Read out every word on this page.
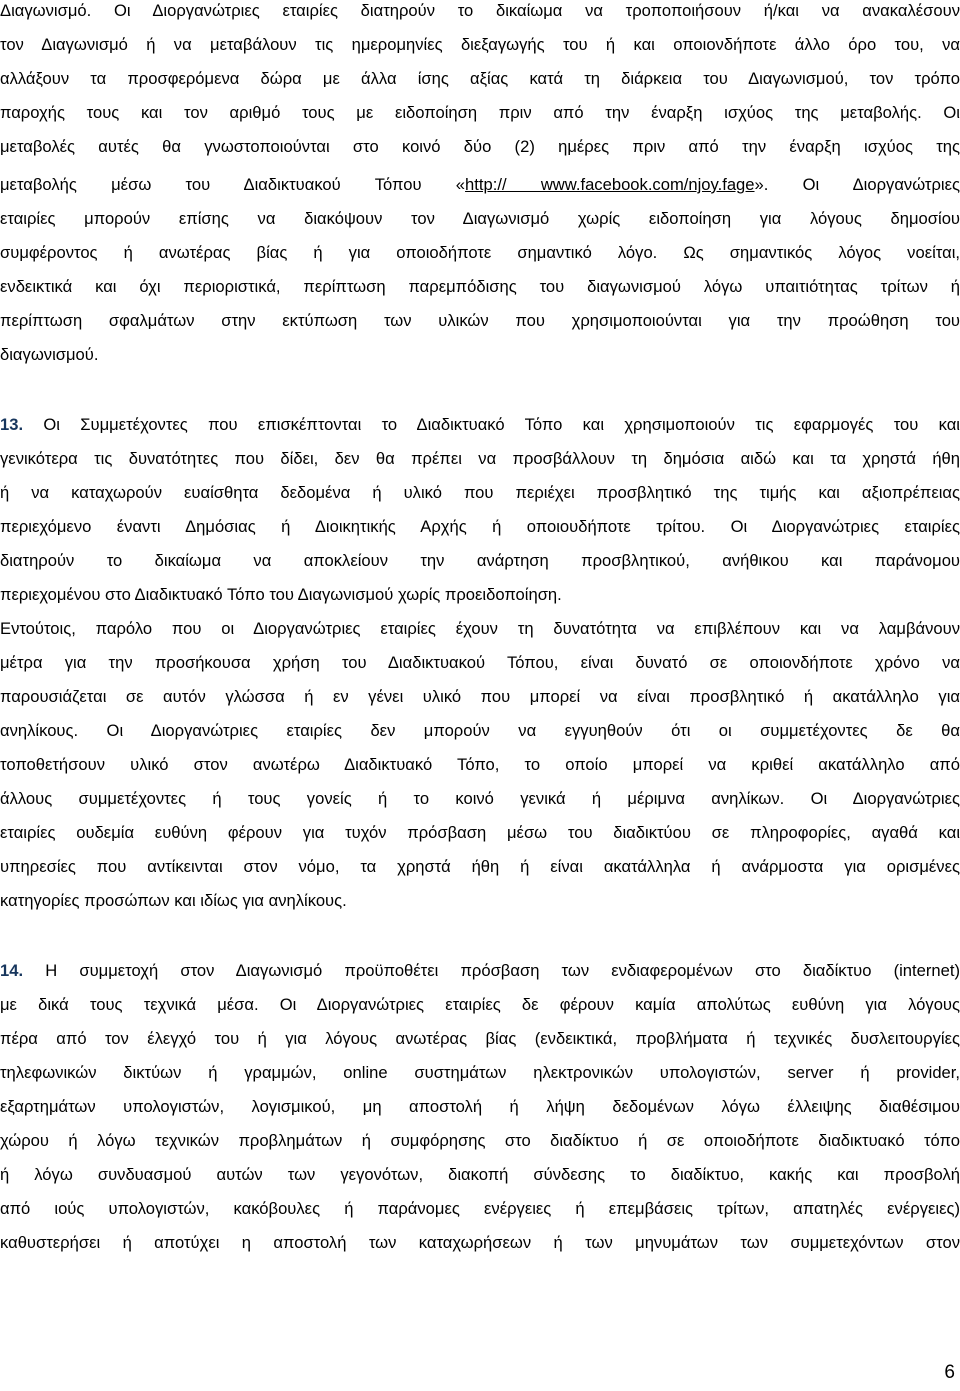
Διαγωνισμό. Οι Διοργανώτριες εταιρίες διατηρούν το δικαίωμα να τροποποιήσουν ή/και να ανακαλέσουν
τον Διαγωνισμό ή να μεταβάλουν τις ημερομηνίες διεξαγωγής του ή και οποιονδήποτε άλλο όρο του, να
αλλάξουν τα προσφερόμενα δώρα με άλλα ίσης αξίας κατά τη διάρκεια του Διαγωνισμού, τον τρόπο
παροχής τους και τον αριθμό τους με ειδοποίηση πριν από την έναρξη ισχύος της μεταβολής. Οι
μεταβολές αυτές θα γνωστοποιούνται στο κοινό δύο (2) ημέρες πριν από την έναρξη ισχύος της
μεταβολής μέσω του Διαδικτυακού Τόπου «http:// www.facebook.com/njoy.fage». Οι Διοργανώτριες
εταιρίες μπορούν επίσης να διακόψουν τον Διαγωνισμό χωρίς ειδοποίηση για λόγους δημοσίου
συμφέροντος ή ανωτέρας βίας ή για οποιοδήποτε σημαντικό λόγο. Ως σημαντικός λόγος νοείται,
ενδεικτικά και όχι περιοριστικά, περίπτωση παρεμπόδισης του διαγωνισμού λόγω υπαιτιότητας τρίτων ή
περίπτωση σφαλμάτων στην εκτύπωση των υλικών που χρησιμοποιούνται για την προώθηση του
διαγωνισμού.
13. Οι Συμμετέχοντες που επισκέπτονται το Διαδικτυακό Τόπο και χρησιμοποιούν τις εφαρμογές του και
γενικότερα τις δυνατότητες που δίδει, δεν θα πρέπει να προσβάλλουν τη δημόσια αιδώ και τα χρηστά ήθη
ή να καταχωρούν ευαίσθητα δεδομένα ή υλικό που περιέχει προσβλητικό της τιμής και αξιοπρέπειας
περιεχόμενο έναντι Δημόσιας ή Διοικητικής Αρχής ή οποιουδήποτε τρίτου. Οι Διοργανώτριες εταιρίες
διατηρούν το δικαίωμα να αποκλείουν την ανάρτηση προσβλητικού, ανήθικου και παράνομου
περιεχομένου στο Διαδικτυακό Τόπο του Διαγωνισμού χωρίς προειδοποίηση.
Εντούτοις, παρόλο που οι Διοργανώτριες εταιρίες έχουν τη δυνατότητα να επιβλέπουν και να λαμβάνουν
μέτρα για την προσήκουσα χρήση του Διαδικτυακού Τόπου, είναι δυνατό σε οποιονδήποτε χρόνο να
παρουσιάζεται σε αυτόν γλώσσα ή εν γένει υλικό που μπορεί να είναι προσβλητικό ή ακατάλληλο για
ανηλίκους. Οι Διοργανώτριες εταιρίες δεν μπορούν να εγγυηθούν ότι οι συμμετέχοντες δε θα
τοποθετήσουν υλικό στον ανωτέρω Διαδικτυακό Τόπο, το οποίο μπορεί να κριθεί ακατάλληλο από
άλλους συμμετέχοντες ή τους γονείς ή το κοινό γενικά ή μέριμνα ανηλίκων. Οι Διοργανώτριες
εταιρίες ουδεμία ευθύνη φέρουν για τυχόν πρόσβαση μέσω του διαδικτύου σε πληροφορίες, αγαθά και
υπηρεσίες που αντίκεινται στον νόμο, τα χρηστά ήθη ή είναι ακατάλληλα ή ανάρμοστα για ορισμένες
κατηγορίες προσώπων και ιδίως για ανηλίκους.
14. Η συμμετοχή στον Διαγωνισμό προϋποθέτει πρόσβαση των ενδιαφερομένων στο διαδίκτυο (internet)
με δικά τους τεχνικά μέσα. Οι Διοργανώτριες εταιρίες δε φέρουν καμία απολύτως ευθύνη για λόγους
πέρα από τον έλεγχό του ή για λόγους ανωτέρας βίας (ενδεικτικά, προβλήματα ή τεχνικές δυσλειτουργίες
τηλεφωνικών δικτύων ή γραμμών, online συστημάτων ηλεκτρονικών υπολογιστών, server ή provider,
εξαρτημάτων υπολογιστών, λογισμικού, μη αποστολή ή λήψη δεδομένων λόγω έλλειψης διαθέσιμου
χώρου ή λόγω τεχνικών προβλημάτων ή συμφόρησης στο διαδίκτυο ή σε οποιοδήποτε διαδικτυακό τόπο
ή λόγω συνδυασμού αυτών των γεγονότων, διακοπή σύνδεσης το διαδίκτυο, κακής και προσβολή
από ιούς υπολογιστών, κακόβουλες ή παράνομες ενέργειες ή επεμβάσεις τρίτων, απατηλές ενέργειες)
καθυστερήσει ή αποτύχει η αποστολή των καταχωρήσεων ή των μηνυμάτων των συμμετεχόντων στον
6
